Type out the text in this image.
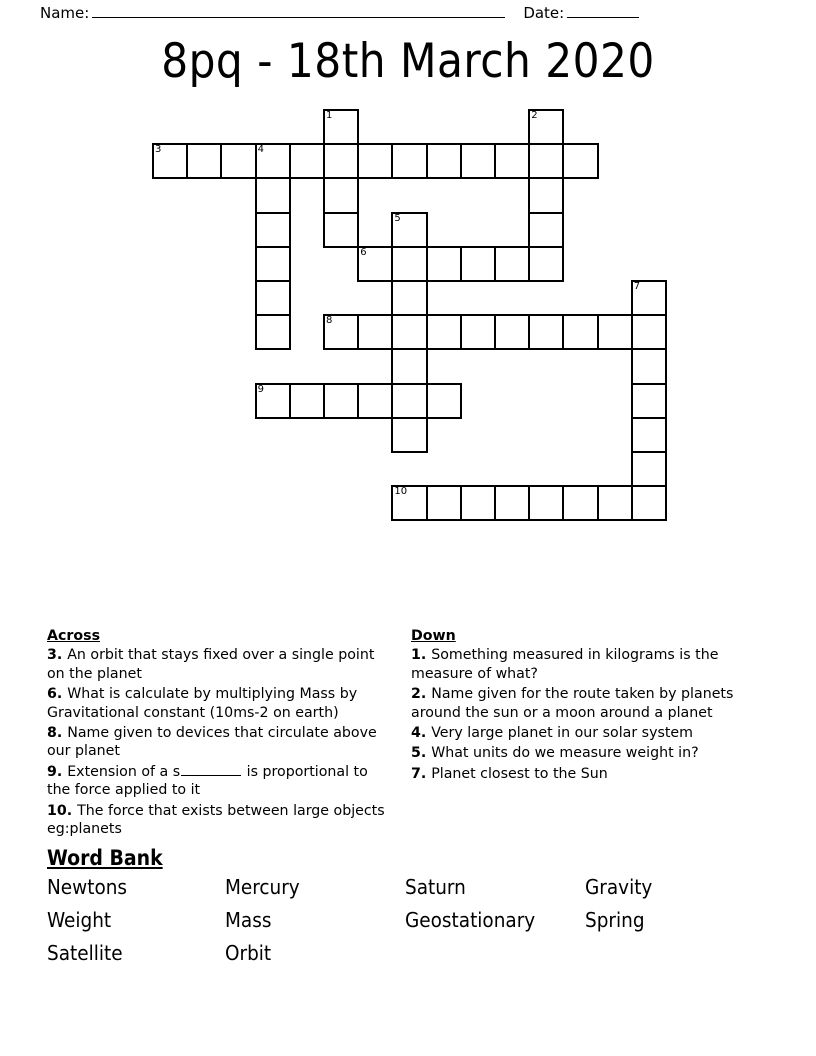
Name:	Date:
8pq - 18th March 2020
1	2
3	4
5
6
7
8
9
10
Across
3. An orbit that stays fixed over a single point on the planet
6. What is calculate by multiplying Mass by Gravitational constant (10ms-2 on earth)
8. Name given to devices that circulate above our planet
9. Extension of a s	is proportional to the force applied to it
10. The force that exists between large objects eg:planets
Down
1. Something measured in kilograms is the measure of what?
2. Name given for the route taken by planets around the sun or a moon around a planet
4. Very large planet in our solar system
5. What units do we measure weight in?
7. Planet closest to the Sun
Word Bank
Newtons	Mercury	Saturn	Gravity
Weight	Mass	Geostationary	Spring
Satellite	Orbit
